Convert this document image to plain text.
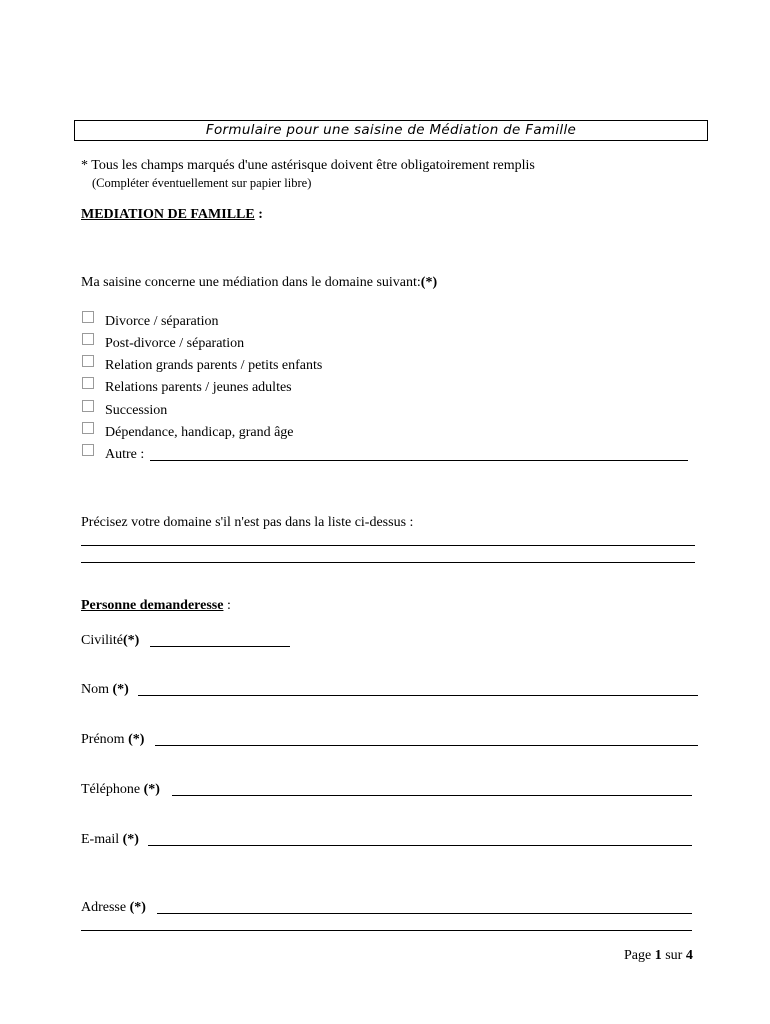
Formulaire pour une saisine de Médiation de Famille
* Tous les champs marqués d'une astérisque doivent être obligatoirement remplis
(Compléter éventuellement sur papier libre)
MEDIATION DE FAMILLE :
Ma saisine concerne une médiation dans le domaine suivant:(*)
Divorce / séparation
Post-divorce / séparation
Relation grands parents / petits enfants
Relations parents / jeunes adultes
Succession
Dépendance, handicap, grand âge
Autre :
Précisez votre domaine s'il n'est pas dans la liste ci-dessus :
Personne demanderesse :
Civilité(*)
Nom (*)
Prénom (*)
Téléphone (*)
E-mail (*)
Adresse (*)
Page 1 sur 4
